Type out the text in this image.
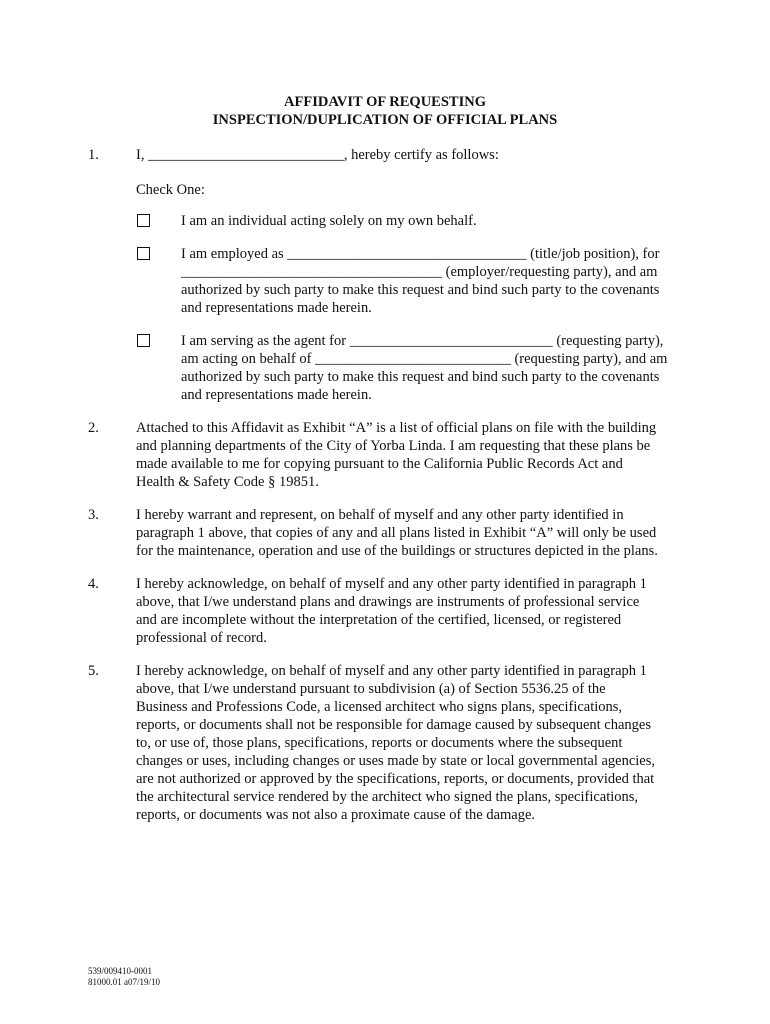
AFFIDAVIT OF REQUESTING
INSPECTION/DUPLICATION OF OFFICIAL PLANS
1.	I, ___________________________, hereby certify as follows:
Check One:
I am an individual acting solely on my own behalf.
I am employed as _________________________________ (title/job position), for
____________________________________ (employer/requesting party), and am
authorized by such party to make this request and bind such party to the covenants
and representations made herein.
I am serving as the agent for ____________________________ (requesting party),
am acting on behalf of ___________________________ (requesting party), and am
authorized by such party to make this request and bind such party to the covenants
and representations made herein.
2.	Attached to this Affidavit as Exhibit “A” is a list of official plans on file with the building
and planning departments of the City of Yorba Linda. I am requesting that these plans be
made available to me for copying pursuant to the California Public Records Act and
Health & Safety Code § 19851.
3.	I hereby warrant and represent, on behalf of myself and any other party identified in
paragraph 1 above, that copies of any and all plans listed in Exhibit “A” will only be used
for the maintenance, operation and use of the buildings or structures depicted in the plans.
4.	I hereby acknowledge, on behalf of myself and any other party identified in paragraph 1
above, that I/we understand plans and drawings are instruments of professional service
and are incomplete without the interpretation of the certified, licensed, or registered
professional of record.
5.	I hereby acknowledge, on behalf of myself and any other party identified in paragraph 1
above, that I/we understand pursuant to subdivision (a) of Section 5536.25 of the
Business and Professions Code, a licensed architect who signs plans, specifications,
reports, or documents shall not be responsible for damage caused by subsequent changes
to, or use of, those plans, specifications, reports or documents where the subsequent
changes or uses, including changes or uses made by state or local governmental agencies,
are not authorized or approved by the specifications, reports, or documents, provided that
the architectural service rendered by the architect who signed the plans, specifications,
reports, or documents was not also a proximate cause of the damage.
539/009410-0001
81000.01 a07/19/10
